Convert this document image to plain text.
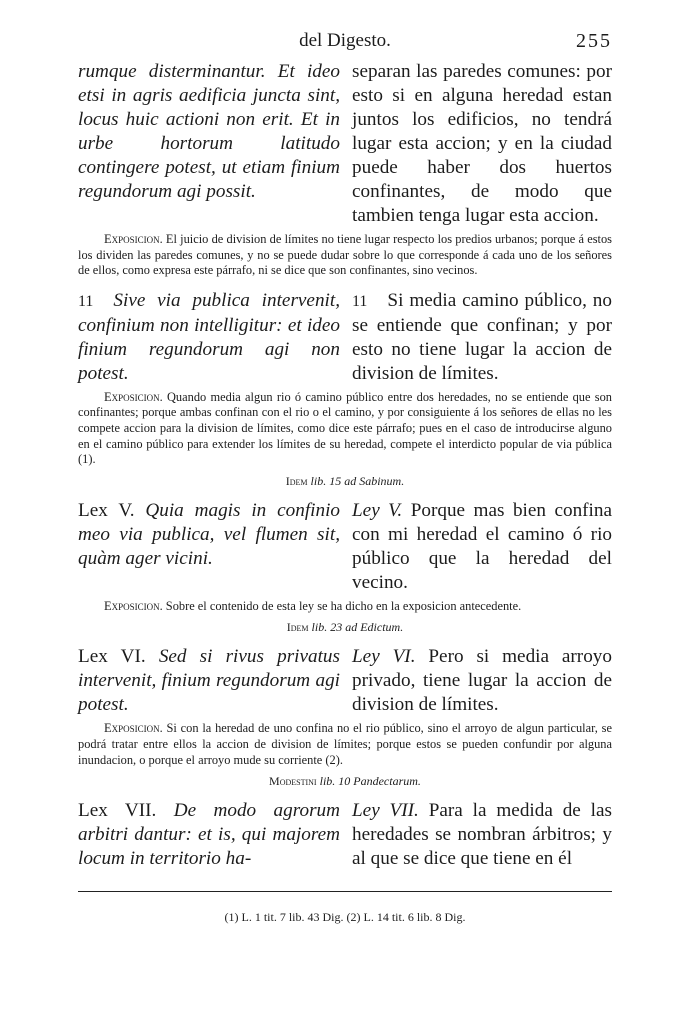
del Digesto.	255

rumque disterminantur. Et ideo etsi in agris aedificia juncta sint, locus huic actioni non erit. Et in urbe hortorum latitudo contingere potest, ut etiam finium regundorum agi possit.

separan las paredes comunes: por esto si en alguna heredad estan juntos los edificios, no tendrá lugar esta accion; y en la ciudad puede haber dos huertos confinantes, de modo que tambien tenga lugar esta accion.

Exposicion. El juicio de division de límites no tiene lugar respecto los predios urbanos; porque á estos los dividen las paredes comunes, y no se puede dudar sobre lo que corresponde á cada uno de los señores de ellos, como expresa este párrafo, ni se dice que son confinantes, sino vecinos.

11 Sive via publica intervenit, confinium non intelligitur: et ideo finium regundorum agi non potest.

11 Si media camino público, no se entiende que confinan; y por esto no tiene lugar la accion de division de límites.

Exposicion. Quando media algun rio ó camino público entre dos heredades, no se entiende que son confinantes; porque ambas confinan con el rio o el camino, y por consiguiente á los señores de ellas no les compete accion para la division de límites, como dice este párrafo; pues en el caso de introducirse alguno en el camino público para extender los límites de su heredad, compete el interdicto popular de via pública (1).
Idem lib. 15 ad Sabinum.

Lex V. Quia magis in confinio meo via publica, vel flumen sit, quàm ager vicini.

Ley V. Porque mas bien confina con mi heredad el camino ó rio público que la heredad del vecino.

Exposicion. Sobre el contenido de esta ley se ha dicho en la exposicion antecedente.
Idem lib. 23 ad Edictum.

Lex VI. Sed si rivus privatus intervenit, finium regundorum agi potest.

Ley VI. Pero si media arroyo privado, tiene lugar la accion de division de límites.

Exposicion. Si con la heredad de uno confina no el rio público, sino el arroyo de algun particular, se podrá tratar entre ellos la accion de division de límites; porque estos se pueden confundir por alguna inundacion, o porque el arroyo mude su corriente (2).
Modestini lib. 10 Pandectarum.

Lex VII. De modo agrorum arbitri dantur: et is, qui majorem locum in territorio ha-

Ley VII. Para la medida de las heredades se nombran árbitros; y al que se dice que tiene en él

(1) L. 1 tit. 7 lib. 43 Dig. (2) L. 14 tit. 6 lib. 8 Dig.
